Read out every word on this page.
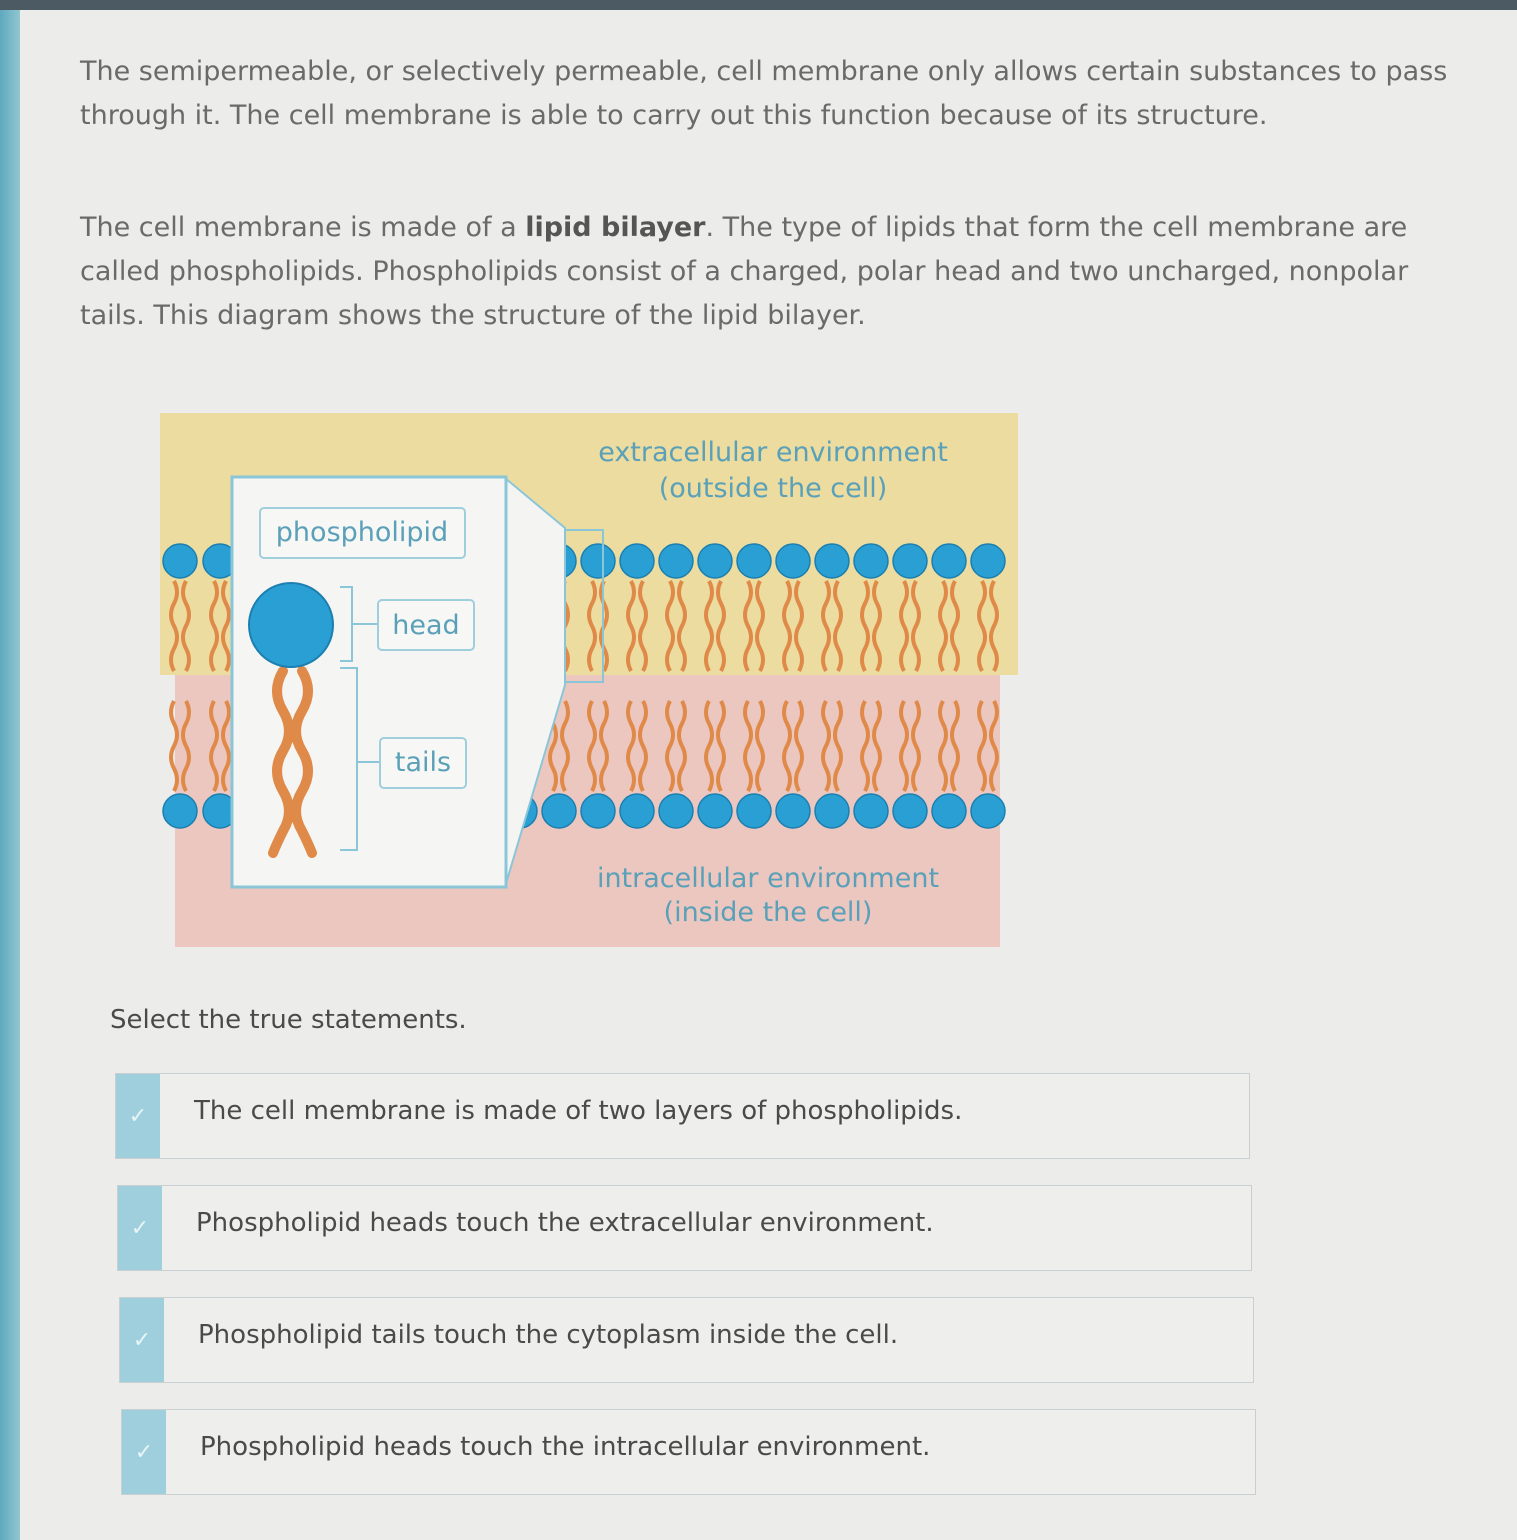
The semipermeable, or selectively permeable, cell membrane only allows certain substances to pass through it. The cell membrane is able to carry out this function because of its structure.

The cell membrane is made of a lipid bilayer. The type of lipids that form the cell membrane are called phospholipids. Phospholipids consist of a charged, polar head and two uncharged, nonpolar tails. This diagram shows the structure of the lipid bilayer.

extracellular environment
(outside the cell)
intracellular environment
(inside the cell)
phospholipid
head
tails
Select the true statements.
✓	The cell membrane is made of two layers of phospholipids.
✓	Phospholipid heads touch the extracellular environment.
✓	Phospholipid tails touch the cytoplasm inside the cell.
✓	Phospholipid heads touch the intracellular environment.
